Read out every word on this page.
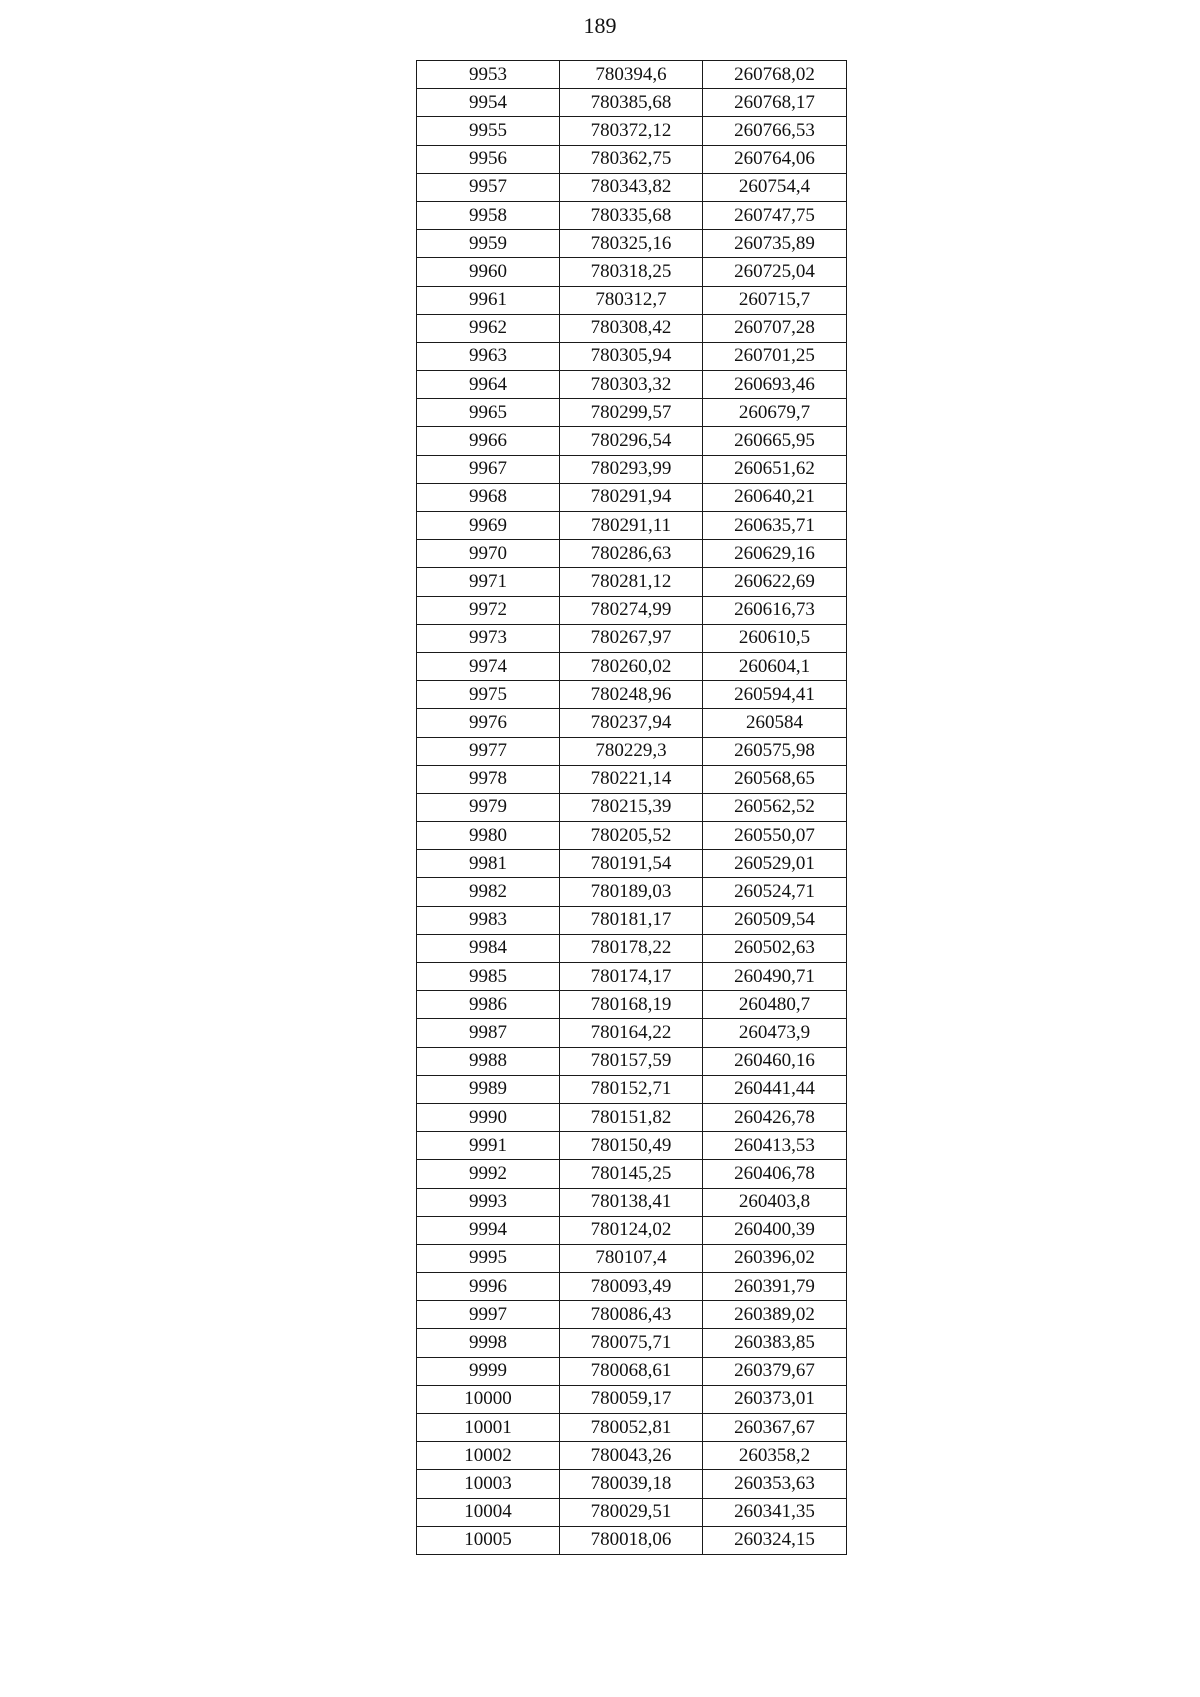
189
9953	780394,6	260768,02
9954	780385,68	260768,17
9955	780372,12	260766,53
9956	780362,75	260764,06
9957	780343,82	260754,4
9958	780335,68	260747,75
9959	780325,16	260735,89
9960	780318,25	260725,04
9961	780312,7	260715,7
9962	780308,42	260707,28
9963	780305,94	260701,25
9964	780303,32	260693,46
9965	780299,57	260679,7
9966	780296,54	260665,95
9967	780293,99	260651,62
9968	780291,94	260640,21
9969	780291,11	260635,71
9970	780286,63	260629,16
9971	780281,12	260622,69
9972	780274,99	260616,73
9973	780267,97	260610,5
9974	780260,02	260604,1
9975	780248,96	260594,41
9976	780237,94	260584
9977	780229,3	260575,98
9978	780221,14	260568,65
9979	780215,39	260562,52
9980	780205,52	260550,07
9981	780191,54	260529,01
9982	780189,03	260524,71
9983	780181,17	260509,54
9984	780178,22	260502,63
9985	780174,17	260490,71
9986	780168,19	260480,7
9987	780164,22	260473,9
9988	780157,59	260460,16
9989	780152,71	260441,44
9990	780151,82	260426,78
9991	780150,49	260413,53
9992	780145,25	260406,78
9993	780138,41	260403,8
9994	780124,02	260400,39
9995	780107,4	260396,02
9996	780093,49	260391,79
9997	780086,43	260389,02
9998	780075,71	260383,85
9999	780068,61	260379,67
10000	780059,17	260373,01
10001	780052,81	260367,67
10002	780043,26	260358,2
10003	780039,18	260353,63
10004	780029,51	260341,35
10005	780018,06	260324,15
